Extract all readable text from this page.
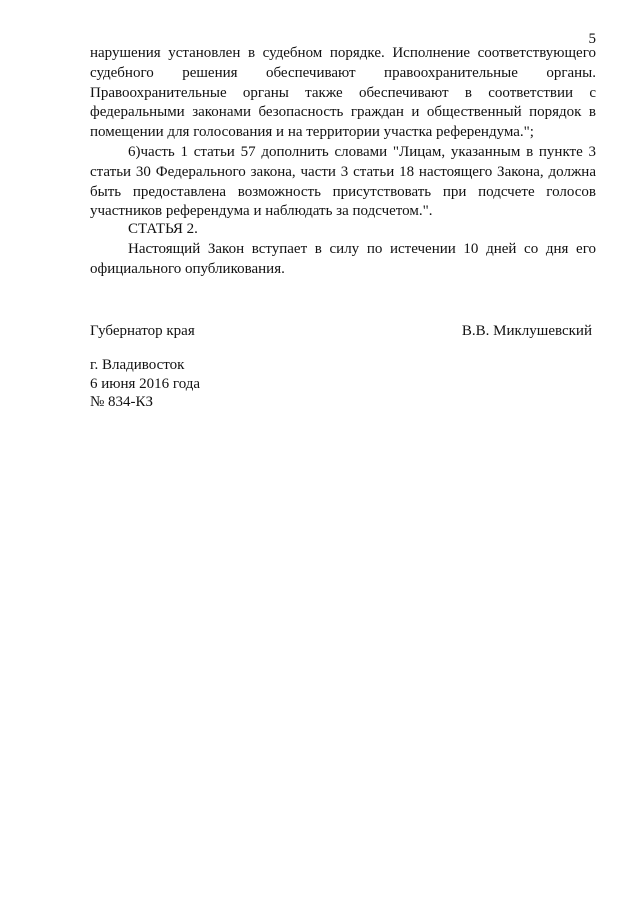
5

нарушения установлен в судебном порядке. Исполнение соответствующего судебного решения обеспечивают правоохранительные органы. Правоохранительные органы также обеспечивают в соответствии с федеральными законами безопасность граждан и общественный порядок в помещении для голосования и на территории участка референдума.";

6)часть 1 статьи 57 дополнить словами "Лицам, указанным в пункте 3 статьи 30 Федерального закона, части 3 статьи 18 настоящего Закона, должна быть предоставлена возможность присутствовать при подсчете голосов участников референдума и наблюдать за подсчетом.".

СТАТЬЯ 2.

Настоящий Закон вступает в силу по истечении 10 дней со дня его официального опубликования.

Губернатор края	В.В. Миклушевский
г. Владивосток
6 июня 2016 года
№ 834-КЗ
